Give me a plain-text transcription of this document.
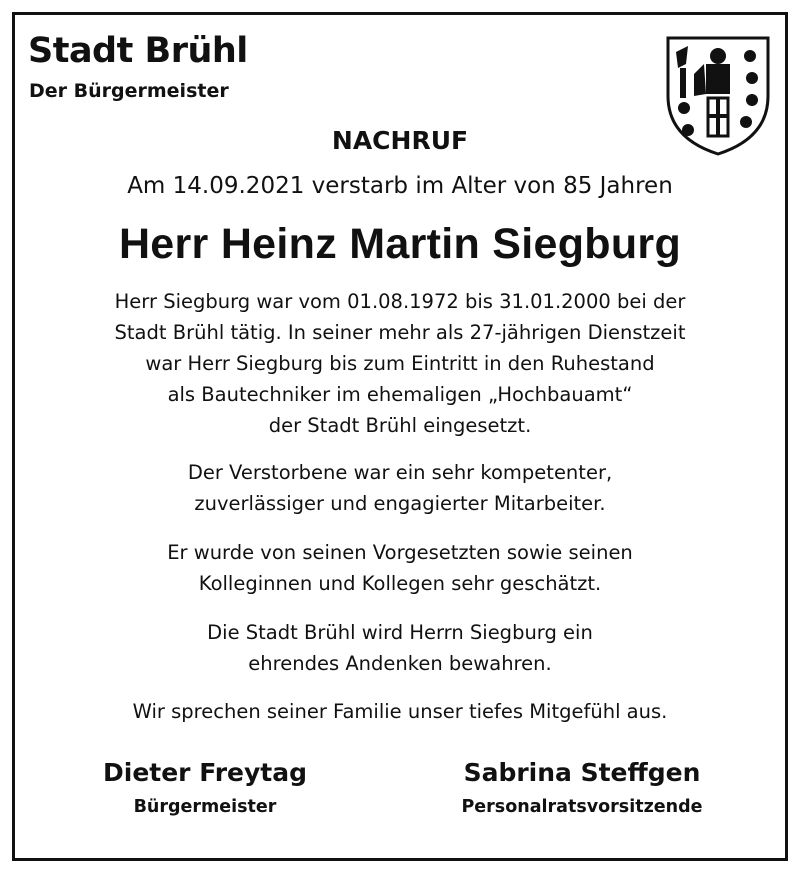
Stadt Brühl
Der Bürgermeister
NACHRUF
Am 14.09.2021 verstarb im Alter von 85 Jahren
Herr Heinz Martin Siegburg
Herr Siegburg war vom 01.08.1972 bis 31.01.2000 bei der
Stadt Brühl tätig. In seiner mehr als 27-jährigen Dienstzeit
war Herr Siegburg bis zum Eintritt in den Ruhestand
als Bautechniker im ehemaligen „Hochbauamt“
der Stadt Brühl eingesetzt.
Der Verstorbene war ein sehr kompetenter,
zuverlässiger und engagierter Mitarbeiter.
Er wurde von seinen Vorgesetzten sowie seinen
Kolleginnen und Kollegen sehr geschätzt.
Die Stadt Brühl wird Herrn Siegburg ein
ehrendes Andenken bewahren.
Wir sprechen seiner Familie unser tiefes Mitgefühl aus.
Dieter Freytag
Bürgermeister
Sabrina Steffgen
Personalratsvorsitzende
